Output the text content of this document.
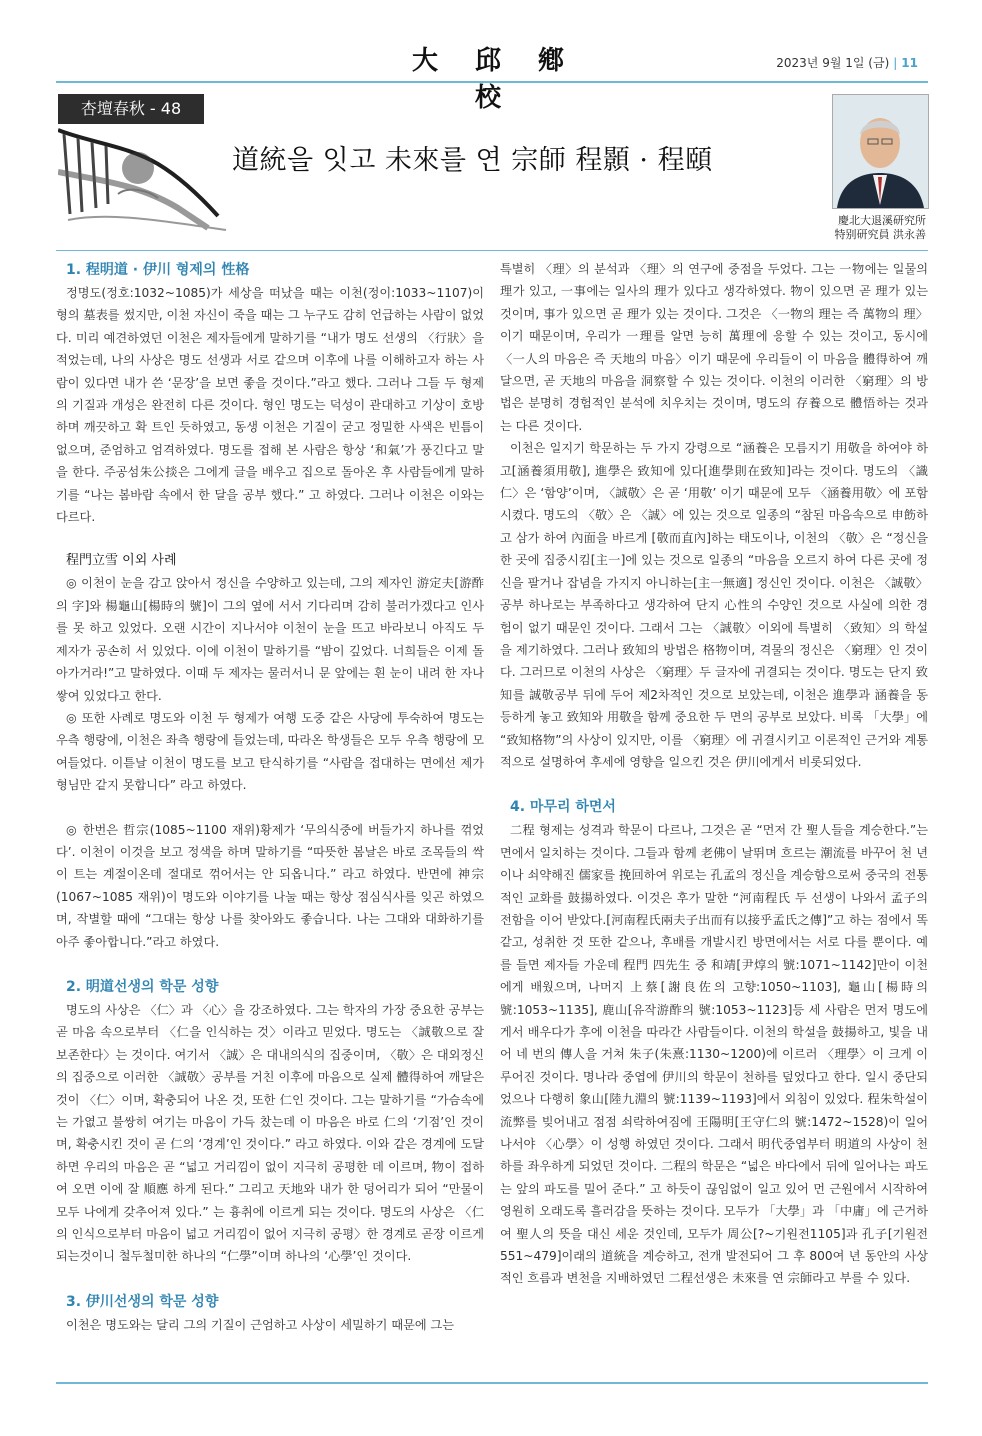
大 邱 鄕 校
2023년 9월 1일 (금) | 11
杏壇春秋 - 48
道統을 잇고 未來를 연 宗師 程顥 · 程頤
慶北大退溪研究所
特别研究員 洪永善
1. 程明道 · 伊川 형제의 性格

정명도(정호:1032~1085)가 세상을 떠났을 때는 이천(정이:1033~1107)이 형의 墓表를 썼지만, 이천 자신이 죽을 때는 그 누구도 감히 언급하는 사람이 없었다. 미리 예견하였던 이천은 제자들에게 말하기를 “내가 명도 선생의 〈行狀〉을 적었는데, 나의 사상은 명도 선생과 서로 같으며 이후에 나를 이해하고자 하는 사람이 있다면 내가 쓴 ‘문장’을 보면 좋을 것이다.”라고 했다. 그러나 그들 두 형제의 기질과 개성은 완전히 다른 것이다. 형인 명도는 덕성이 관대하고 기상이 호방하며 깨끗하고 확 트인 듯하였고, 동생 이천은 기질이 굳고 정밀한 사색은 빈틈이 없으며, 준엄하고 엄격하였다. 명도를 접해 본 사람은 항상 ‘和氣’가 풍긴다고 말을 한다. 주공섬朱公掞은 그에게 글을 배우고 집으로 돌아온 후 사람들에게 말하기를 “나는 봄바람 속에서 한 달을 공부 했다.” 고 하였다. 그러나 이천은 이와는 다르다.

程門立雪 이외 사례

◎ 이천이 눈을 감고 앉아서 정신을 수양하고 있는데, 그의 제자인 游定夫[游酢의 字]와 楊龜山[楊時의 號]이 그의 옆에 서서 기다리며 감히 불러가겠다고 인사를 못 하고 있었다. 오랜 시간이 지나서야 이천이 눈을 뜨고 바라보니 아직도 두 제자가 공손히 서 있었다. 이에 이천이 말하기를 “밤이 깊었다. 너희들은 이제 돌아가거라!”고 말하였다. 이때 두 제자는 물러서니 문 앞에는 흰 눈이 내려 한 자나 쌓여 있었다고 한다.

◎ 또한 사례로 명도와 이천 두 형제가 여행 도중 같은 사당에 투숙하여 명도는 우측 행랑에, 이천은 좌측 행랑에 들었는데, 따라온 학생들은 모두 우측 행랑에 모여들었다. 이튿날 이천이 명도를 보고 탄식하기를 “사람을 접대하는 면에선 제가 형님만 같지 못합니다” 라고 하였다.

◎ 한번은 哲宗(1085~1100 재위)황제가 ‘무의식중에 버들가지 하나를 꺾었다’. 이천이 이것을 보고 정색을 하며 말하기를 “따뜻한 봄날은 바로 조목들의 싹이 트는 계절이온데 절대로 꺾어서는 안 되옵니다.” 라고 하였다. 반면에 神宗(1067~1085 재위)이 명도와 이야기를 나눌 때는 항상 점심식사를 잊곤 하였으며, 작별할 때에 “그대는 항상 나를 찾아와도 좋습니다. 나는 그대와 대화하기를 아주 좋아합니다.”라고 하였다.

2. 明道선생의 학문 성향

명도의 사상은 〈仁〉과 〈心〉을 강조하였다. 그는 학자의 가장 중요한 공부는 곧 마음 속으로부터 〈仁을 인식하는 것〉이라고 믿었다. 명도는 〈誠敬으로 잘 보존한다〉는 것이다. 여기서 〈誠〉은 대내의식의 집중이며, 〈敬〉은 대외정신의 집중으로 이러한 〈誠敬〉공부를 거친 이후에 마음으로 실제 體得하여 깨달은 것이 〈仁〉이며, 확충되어 나온 것, 또한 仁인 것이다. 그는 말하기를 “가슴속에는 가엾고 불쌍히 여기는 마음이 가득 찼는데 이 마음은 바로 仁의 ‘기점’인 것이며, 확충시킨 것이 곧 仁의 ‘경계’인 것이다.” 라고 하였다. 이와 같은 경계에 도달하면 우리의 마음은 곧 “넓고 거리낌이 없이 지극히 공평한 데 이르며, 物이 접하여 오면 이에 잘 順應 하게 된다.” 그리고 天地와 내가 한 덩어리가 되어 “만물이 모두 나에게 갖추어져 있다.” 는 흉취에 이르게 되는 것이다. 명도의 사상은 〈仁의 인식으로부터 마음이 넓고 거리낌이 없어 지극히 공평〉한 경계로 곧장 이르게 되는것이니 철두철미한 하나의 “仁學”이며 하나의 ‘心學’인 것이다.

3. 伊川선생의 학문 성향

이천은 명도와는 달리 그의 기질이 근엄하고 사상이 세밀하기 때문에 그는

특별히 〈理〉의 분석과 〈理〉의 연구에 중점을 두었다. 그는 一物에는 일물의 理가 있고, 一事에는 일사의 理가 있다고 생각하였다. 物이 있으면 곧 理가 있는 것이며, 事가 있으면 곧 理가 있는 것이다. 그것은 〈一物의 理는 즉 萬物의 理〉이기 때문이며, 우리가 一理를 알면 능히 萬理에 응할 수 있는 것이고, 동시에 〈一人의 마음은 즉 天地의 마음〉이기 때문에 우리들이 이 마음을 體得하여 깨달으면, 곧 天地의 마음을 洞察할 수 있는 것이다. 이천의 이러한 〈窮理〉의 방법은 분명히 경험적인 분석에 치우치는 것이며, 명도의 存養으로 體悟하는 것과는 다른 것이다.

이천은 일지기 학문하는 두 가지 강령으로 “涵養은 모름지기 用敬을 하여야 하고[涵養須用敬], 進學은 致知에 있다[進學則在致知]라는 것이다. 명도의 〈識仁〉은 ‘함양’이며, 〈誠敬〉은 곧 ‘用敬’ 이기 때문에 모두 〈涵養用敬〉에 포함시켰다. 명도의 〈敬〉은 〈誠〉에 있는 것으로 일종의 “참된 마음속으로 申飭하고 삼가 하여 內面을 바르게 [敬而直內]하는 태도이나, 이천의 〈敬〉은 “정신을 한 곳에 집중시킴[主一]에 있는 것으로 일종의 “마음을 오르지 하여 다른 곳에 정신을 팔거나 잡념을 가지지 아니하는[主一無適] 정신인 것이다. 이천은 〈誠敬〉공부 하나로는 부족하다고 생각하여 단지 心性의 수양인 것으로 사실에 의한 경험이 없기 때문인 것이다. 그래서 그는 〈誠敬〉이외에 특별히 〈致知〉의 학설을 제기하였다. 그러나 致知의 방법은 格物이며, 격물의 정신은 〈窮理〉인 것이다. 그러므로 이천의 사상은 〈窮理〉두 글자에 귀결되는 것이다. 명도는 단지 致知를 誠敬공부 뒤에 두어 제2차적인 것으로 보았는데, 이천은 進學과 涵養을 동등하게 놓고 致知와 用敬을 함께 중요한 두 면의 공부로 보았다. 비록 「大學」에 “致知格物”의 사상이 있지만, 이를 〈窮理〉에 귀결시키고 이론적인 근거와 계통적으로 설명하여 후세에 영향을 일으킨 것은 伊川에게서 비롯되었다.

4. 마무리 하면서

二程 형제는 성격과 학문이 다르나, 그것은 곧 “먼저 간 聖人들을 계승한다.”는 면에서 일치하는 것이다. 그들과 함께 老佛이 날뛰며 흐르는 潮流를 바꾸어 천 년이나 쇠약해진 儒家를 挽回하여 위로는 孔孟의 정신을 계승함으로써 중국의 전통적인 교화를 鼓揚하였다. 이것은 후가 말한 “河南程氏 두 선생이 나와서 孟子의 전함을 이어 받았다.[河南程氏兩夫子出而有以接乎孟氏之傳]”고 하는 점에서 똑같고, 성취한 것 또한 같으나, 후배를 개발시킨 방면에서는 서로 다를 뿐이다. 예를 들면 제자들 가운데 程門 四先生 중 和靖[尹焞의 號:1071~1142]만이 이천에게 배웠으며, 나머지 上蔡[謝良佐의 고향:1050~1103], 龜山[楊時의 號:1053~1135], 鹿山[유작游酢의 號:1053~1123]등 세 사람은 먼저 명도에게서 배우다가 후에 이천을 따라간 사람들이다. 이천의 학설을 鼓揚하고, 빛을 내어 네 번의 傳人을 거쳐 朱子(朱熹:1130~1200)에 이르러 〈理學〉이 크게 이루어진 것이다. 명나라 중엽에 伊川의 학문이 천하를 덮었다고 한다. 일시 중단되었으나 다행히 象山[陸九淵의 號:1139~1193]에서 외침이 있었다. 程朱학설이 流弊를 빚어내고 점점 쇠락하여짐에 王陽明[王守仁의 號:1472~1528)이 일어나서야 〈心學〉이 성행 하였던 것이다. 그래서 明代중엽부터 明道의 사상이 천하를 좌우하게 되었던 것이다. 二程의 학문은 “넓은 바다에서 뒤에 일어나는 파도는 앞의 파도를 밀어 준다.” 고 하듯이 끊임없이 일고 있어 먼 근원에서 시작하여 영원히 오래도록 흘러감을 뜻하는 것이다. 모두가 「大學」과 「中庸」에 근거하여 聖人의 뜻을 대신 세운 것인데, 모두가 周公[?~기원전1105]과 孔子[기원전551~479]이래의 道統을 계승하고, 전개 발전되어 그 후 800여 년 동안의 사상적인 흐름과 변천을 지배하였던 二程선생은 未來를 연 宗師라고 부를 수 있다.
